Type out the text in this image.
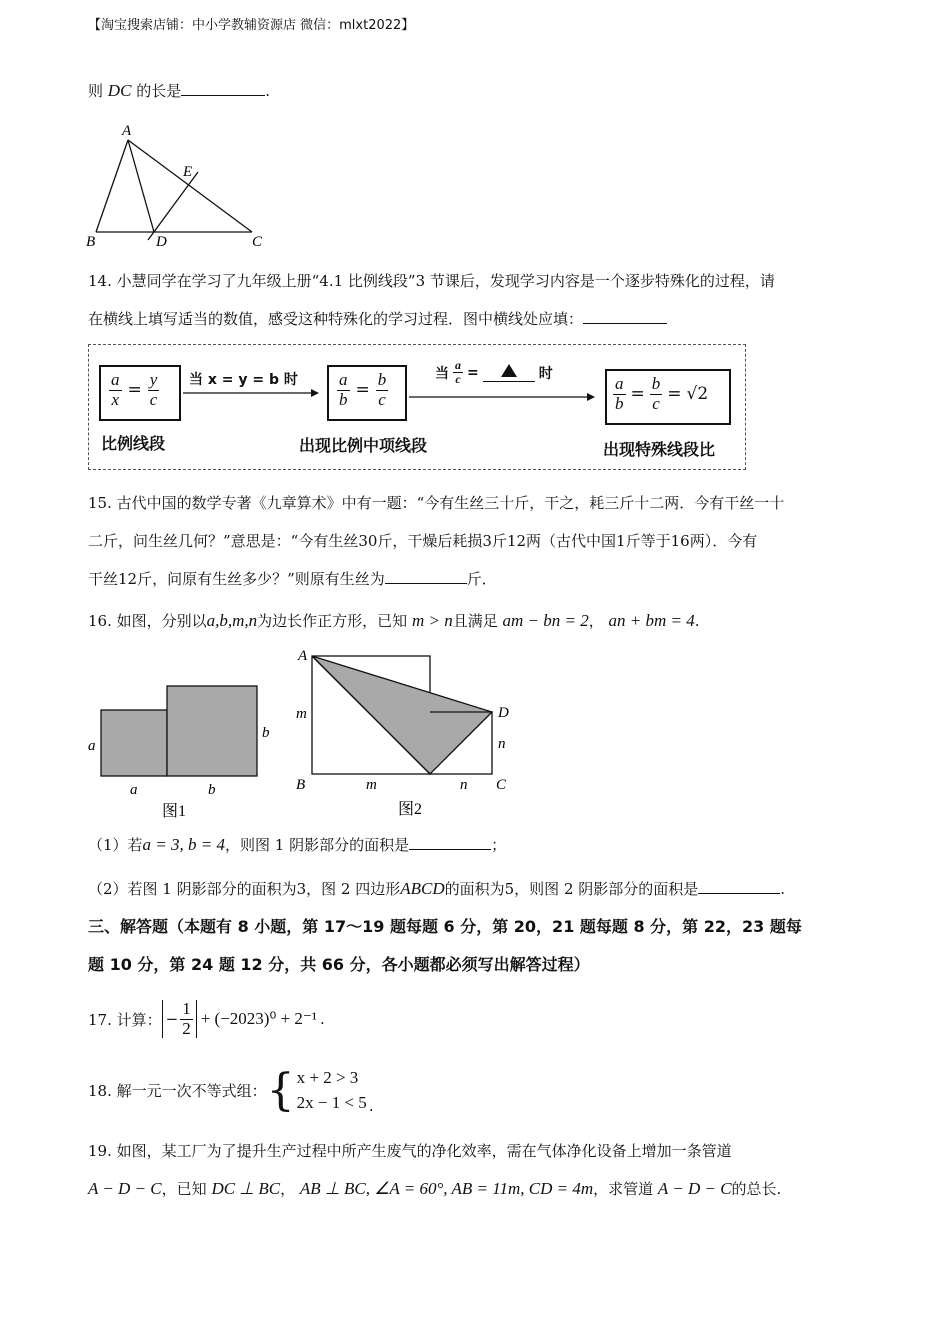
【淘宝搜索店铺：中小学教辅资源店 微信：mlxt2022】
则 DC 的长是	.
A
B	C
D
E
14. 小慧同学在学习了九年级上册“4.1 比例线段”3 节课后，发现学习内容是一个逐步特殊化的过程，请
在横线上填写适当的数值，感受这种特殊化的学习过程．图中横线处应填：
$\frac{a}{x} = \frac{y}{c}$
比例线段
当 x = y = b 时 $\frac{a}{b} = \frac{b}{c}$
出现比例中项线段
当 $\frac{a}{c}$ =	时
$\frac{a}{b} = \frac{b}{c} = √2$
出现特殊线段比
15. 古代中国的数学专著《九章算术》中有一题：“今有生丝三十斤，干之，耗三斤十二两．今有干丝一十
二斤，问生丝几何？”意思是：“今有生丝30斤，干燥后耗损3斤12两（古代中国1斤等于16两）．今有
干丝12斤，问原有生丝多少？”则原有生丝为	斤．
16. 如图，分别以a,b,m,n为边长作正方形，已知 m > n且满足 am − bn = 2， an + bm = 4.
a
b
a	b
图1
A
B	C
D
m
m
n
n
图2
（1）若a = 3, b = 4，则图 1 阴影部分的面积是	；
（2）若图 1 阴影部分的面积为3，图 2 四边形ABCD的面积为5，则图 2 阴影部分的面积是	.
三、解答题（本题有 8 小题，第 17～19 题每题 6 分，第 20，21 题每题 8 分，第 22，23 题每
题 10 分，第 24 题 12 分，共 66 分，各小题都必须写出解答过程）
17. 计算： − $\frac{1}{2} + (-2023)^0 + 2^{-1}$ .
18. 解一元一次不等式组： { x + 2 > 3
2x − 1 < 5 .
19. 如图，某工厂为了提升生产过程中所产生废气的净化效率，需在气体净化设备上增加一条管道
A − D − C，已知 DC ⊥ BC， AB ⊥ BC, ∠A = 60°, AB = 11m, CD = 4m，求管道 A − D − C的总长.
